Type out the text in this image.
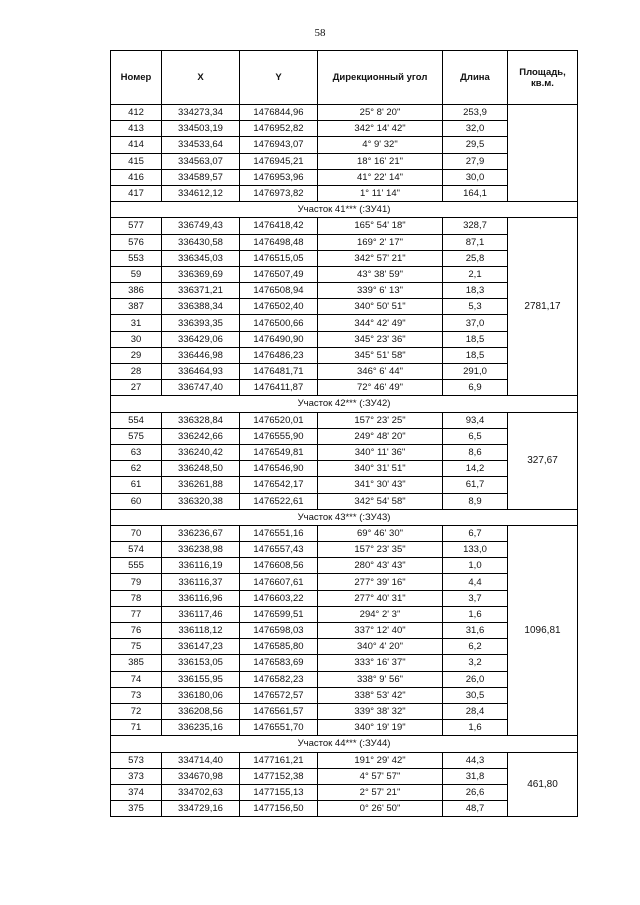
58
Номер	X	Y	Дирекционный угол	Длина	Площадь, кв.м.
412	334273,34	1476844,96	25° 8' 20"	253,9	
413	334503,19	1476952,82	342° 14' 42"	32,0	
414	334533,64	1476943,07	4° 9' 32"	29,5	
415	334563,07	1476945,21	18° 16' 21"	27,9	
416	334589,57	1476953,96	41° 22' 14"	30,0	
417	334612,12	1476973,82	1° 11' 14"	164,1	
Участок 41*** (:ЗУ41)					
577	336749,43	1476418,42	165° 54' 18"	328,7	2781,17
576	336430,58	1476498,48	169° 2' 17"	87,1	
553	336345,03	1476515,05	342° 57' 21"	25,8	
59	336369,69	1476507,49	43° 38' 59"	2,1	
386	336371,21	1476508,94	339° 6' 13"	18,3	
387	336388,34	1476502,40	340° 50' 51"	5,3	
31	336393,35	1476500,66	344° 42' 49"	37,0	
30	336429,06	1476490,90	345° 23' 36"	18,5	
29	336446,98	1476486,23	345° 51' 58"	18,5	
28	336464,93	1476481,71	346° 6' 44"	291,0	
27	336747,40	1476411,87	72° 46' 49"	6,9	
Участок 42*** (:ЗУ42)					
554	336328,84	1476520,01	157° 23' 25"	93,4	327,67
575	336242,66	1476555,90	249° 48' 20"	6,5	
63	336240,42	1476549,81	340° 11' 36"	8,6	
62	336248,50	1476546,90	340° 31' 51"	14,2	
61	336261,88	1476542,17	341° 30' 43"	61,7	
60	336320,38	1476522,61	342° 54' 58"	8,9	
Участок 43*** (:ЗУ43)					
70	336236,67	1476551,16	69° 46' 30"	6,7	1096,81
574	336238,98	1476557,43	157° 23' 35"	133,0	
555	336116,19	1476608,56	280° 43' 43"	1,0	
79	336116,37	1476607,61	277° 39' 16"	4,4	
78	336116,96	1476603,22	277° 40' 31"	3,7	
77	336117,46	1476599,51	294° 2' 3"	1,6	
76	336118,12	1476598,03	337° 12' 40"	31,6	
75	336147,23	1476585,80	340° 4' 20"	6,2	
385	336153,05	1476583,69	333° 16' 37"	3,2	
74	336155,95	1476582,23	338° 9' 56"	26,0	
73	336180,06	1476572,57	338° 53' 42"	30,5	
72	336208,56	1476561,57	339° 38' 32"	28,4	
71	336235,16	1476551,70	340° 19' 19"	1,6	
Участок 44*** (:ЗУ44)					
573	334714,40	1477161,21	191° 29' 42"	44,3	461,80
373	334670,98	1477152,38	4° 57' 57"	31,8	
374	334702,63	1477155,13	2° 57' 21"	26,6	
375	334729,16	1477156,50	0° 26' 50"	48,7	
